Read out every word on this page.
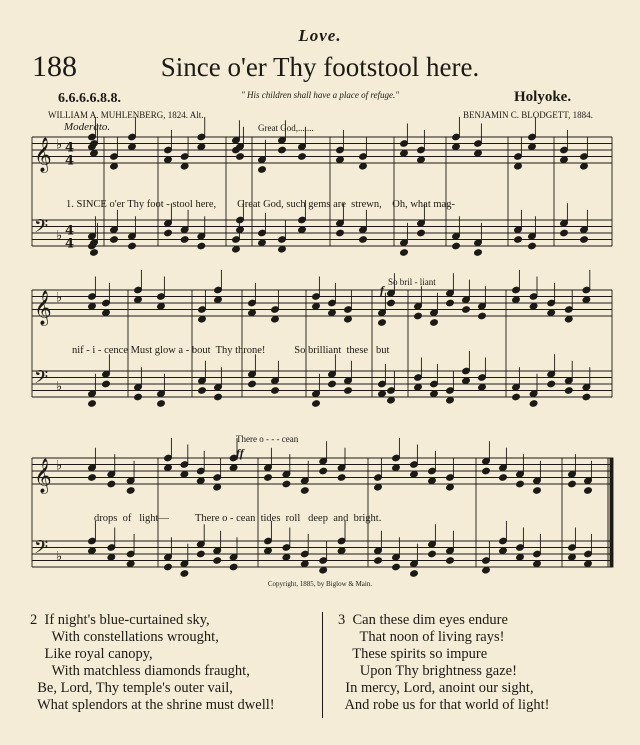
Love.
188	Since o'er Thy footstool here.
6.6.6.6.8.8.	" His children shall have a place of refuge."	Holyoke.
WILLIAM A. MUHLENBERG, 1824. Alt.	BENJAMIN C. BLODGETT, 1884.
Moderato.
𝄞 ♭
𝄢 ♭
𝄞 ♭
𝄢 ♭
𝄞 ♭
𝄢 ♭
4
4
4
4
Great God,.......
So bril - liant
There o - - - cean
f
ff
1. SINCE o'er Thy foot - stool here,        Great God, such gems are  strewn,    Oh, what mag-
nif - i - cence Must glow a - bout  Thy throne!           So brilliant  these   but
drops  of   light—          There o - cean  tides  roll   deep  and  bright.
Copyright, 1885, by Biglow & Main.
2  If night's blue-curtained sky,
With constellations wrought,
Like royal canopy,
With matchless diamonds fraught,
Be, Lord, Thy temple's outer vail,
What splendors at the shrine must dwell!
3  Can these dim eyes endure
That noon of living rays!
These spirits so impure
Upon Thy brightness gaze!
In mercy, Lord, anoint our sight,
And robe us for that world of light!
